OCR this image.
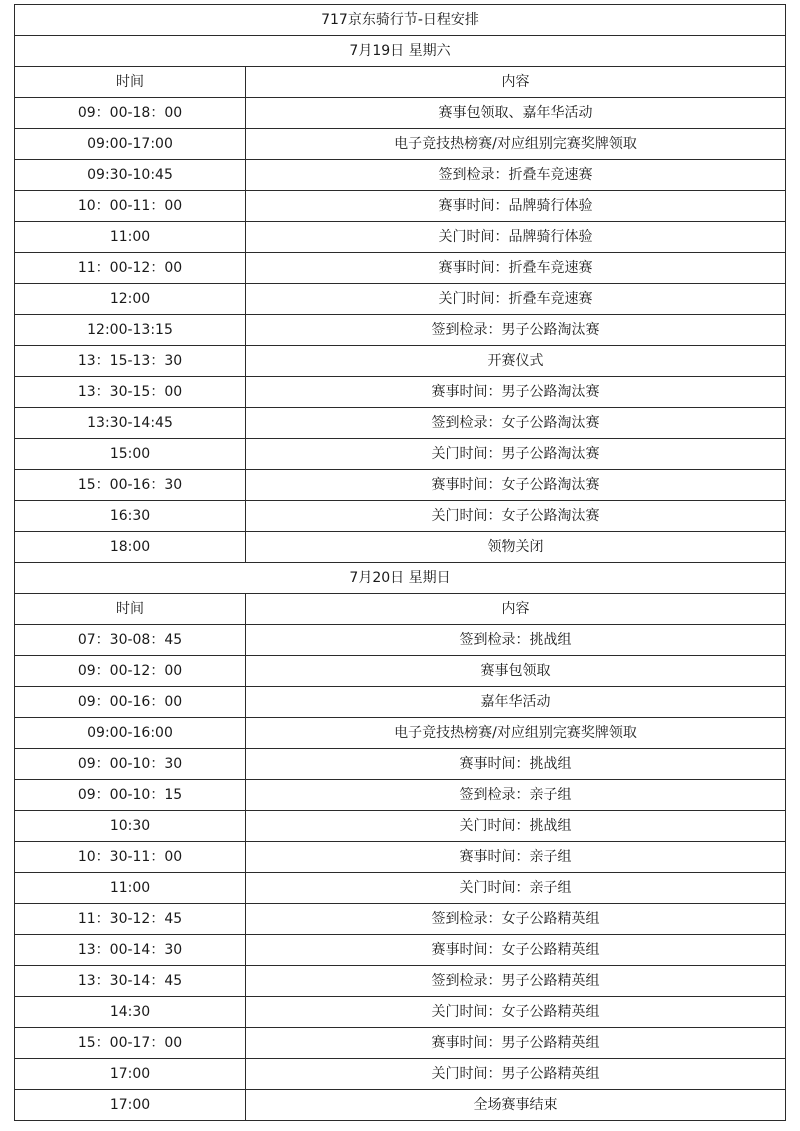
717京东骑行节-日程安排	
7月19日 星期六	
时间	内容
09：00-18：00	赛事包领取、嘉年华活动
09:00-17:00	电子竞技热榜赛/对应组别完赛奖牌领取
09:30-10:45	签到检录：折叠车竞速赛
10：00-11：00	赛事时间：品牌骑行体验
11:00	关门时间：品牌骑行体验
11：00-12：00	赛事时间：折叠车竞速赛
12:00	关门时间：折叠车竞速赛
12:00-13:15	签到检录：男子公路淘汰赛
13：15-13：30	开赛仪式
13：30-15：00	赛事时间：男子公路淘汰赛
13:30-14:45	签到检录：女子公路淘汰赛
15:00	关门时间：男子公路淘汰赛
15：00-16：30	赛事时间：女子公路淘汰赛
16:30	关门时间：女子公路淘汰赛
18:00	领物关闭
7月20日 星期日	
时间	内容
07：30-08：45	签到检录：挑战组
09：00-12：00	赛事包领取
09：00-16：00	嘉年华活动
09:00-16:00	电子竞技热榜赛/对应组别完赛奖牌领取
09：00-10：30	赛事时间：挑战组
09：00-10：15	签到检录：亲子组
10:30	关门时间：挑战组
10：30-11：00	赛事时间：亲子组
11:00	关门时间：亲子组
11：30-12：45	签到检录：女子公路精英组
13：00-14：30	赛事时间：女子公路精英组
13：30-14：45	签到检录：男子公路精英组
14:30	关门时间：女子公路精英组
15：00-17：00	赛事时间：男子公路精英组
17:00	关门时间：男子公路精英组
17:00	全场赛事结束
